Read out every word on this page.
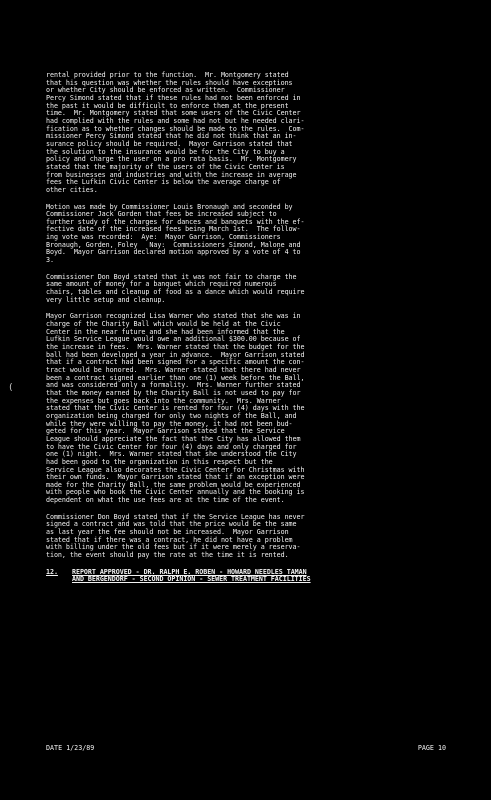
rental provided prior to the function.  Mr. Montgomery stated
that his question was whether the rules should have exceptions
or whether City should be enforced as written.  Commissioner
Percy Simond stated that if these rules had not been enforced in
the past it would be difficult to enforce them at the present
time.  Mr. Montgomery stated that some users of the Civic Center
had complied with the rules and some had not but he needed clari-
fication as to whether changes should be made to the rules.  Com-
missioner Percy Simond stated that he did not think that an in-
surance policy should be required.  Mayor Garrison stated that
the solution to the insurance would be for the City to buy a
policy and charge the user on a pro rata basis.  Mr. Montgomery
stated that the majority of the users of the Civic Center is
from businesses and industries and with the increase in average
fees the Lufkin Civic Center is below the average charge of
other cities.
Motion was made by Commissioner Louis Bronaugh and seconded by
Commissioner Jack Gorden that fees be increased subject to
further study of the charges for dances and banquets with the ef-
fective date of the increased fees being March 1st.  The follow-
ing vote was recorded:  Aye:  Mayor Garrison, Commissioners
Bronaugh, Gorden, Foley   Nay:  Commissioners Simond, Malone and
Boyd.  Mayor Garrison declared motion approved by a vote of 4 to
3.
Commissioner Don Boyd stated that it was not fair to charge the
same amount of money for a banquet which required numerous
chairs, tables and cleanup of food as a dance which would require
very little setup and cleanup.
Mayor Garrison recognized Lisa Warner who stated that she was in
charge of the Charity Ball which would be held at the Civic
Center in the near future and she had been informed that the
Lufkin Service League would owe an additional $300.00 because of
the increase in fees.  Mrs. Warner stated that the budget for the
ball had been developed a year in advance.  Mayor Garrison stated
that if a contract had been signed for a specific amount the con-
tract would be honored.  Mrs. Warner stated that there had never
been a contract signed earlier than one (1) week before the Ball,
and was considered only a formality.  Mrs. Warner further stated
that the money earned by the Charity Ball is not used to pay for
the expenses but goes back into the community.  Mrs. Warner
stated that the Civic Center is rented for four (4) days with the
organization being charged for only two nights of the Ball, and
while they were willing to pay the money, it had not been bud-
geted for this year.  Mayor Garrison stated that the Service
League should appreciate the fact that the City has allowed them
to have the Civic Center for four (4) days and only charged for
one (1) night.  Mrs. Warner stated that she understood the City
had been good to the organization in this respect but the
Service League also decorates the Civic Center for Christmas with
their own funds.  Mayor Garrison stated that if an exception were
made for the Charity Ball, the same problem would be experienced
with people who book the Civic Center annually and the booking is
dependent on what the use fees are at the time of the event.
Commissioner Don Boyd stated that if the Service League has never
signed a contract and was told that the price would be the same
as last year the fee should not be increased.  Mayor Garrison
stated that if there was a contract, he did not have a problem
with billing under the old fees but if it were merely a reserva-
tion, the event should pay the rate at the time it is rented.
12.	REPORT APPROVED - DR. RALPH E. ROBEN - HOWARD NEEDLES TAMAN
AND BERGENDORF - SECOND OPINION - SEWER TREATMENT FACILITIES
DATE 1/23/89	PAGE 10
(
